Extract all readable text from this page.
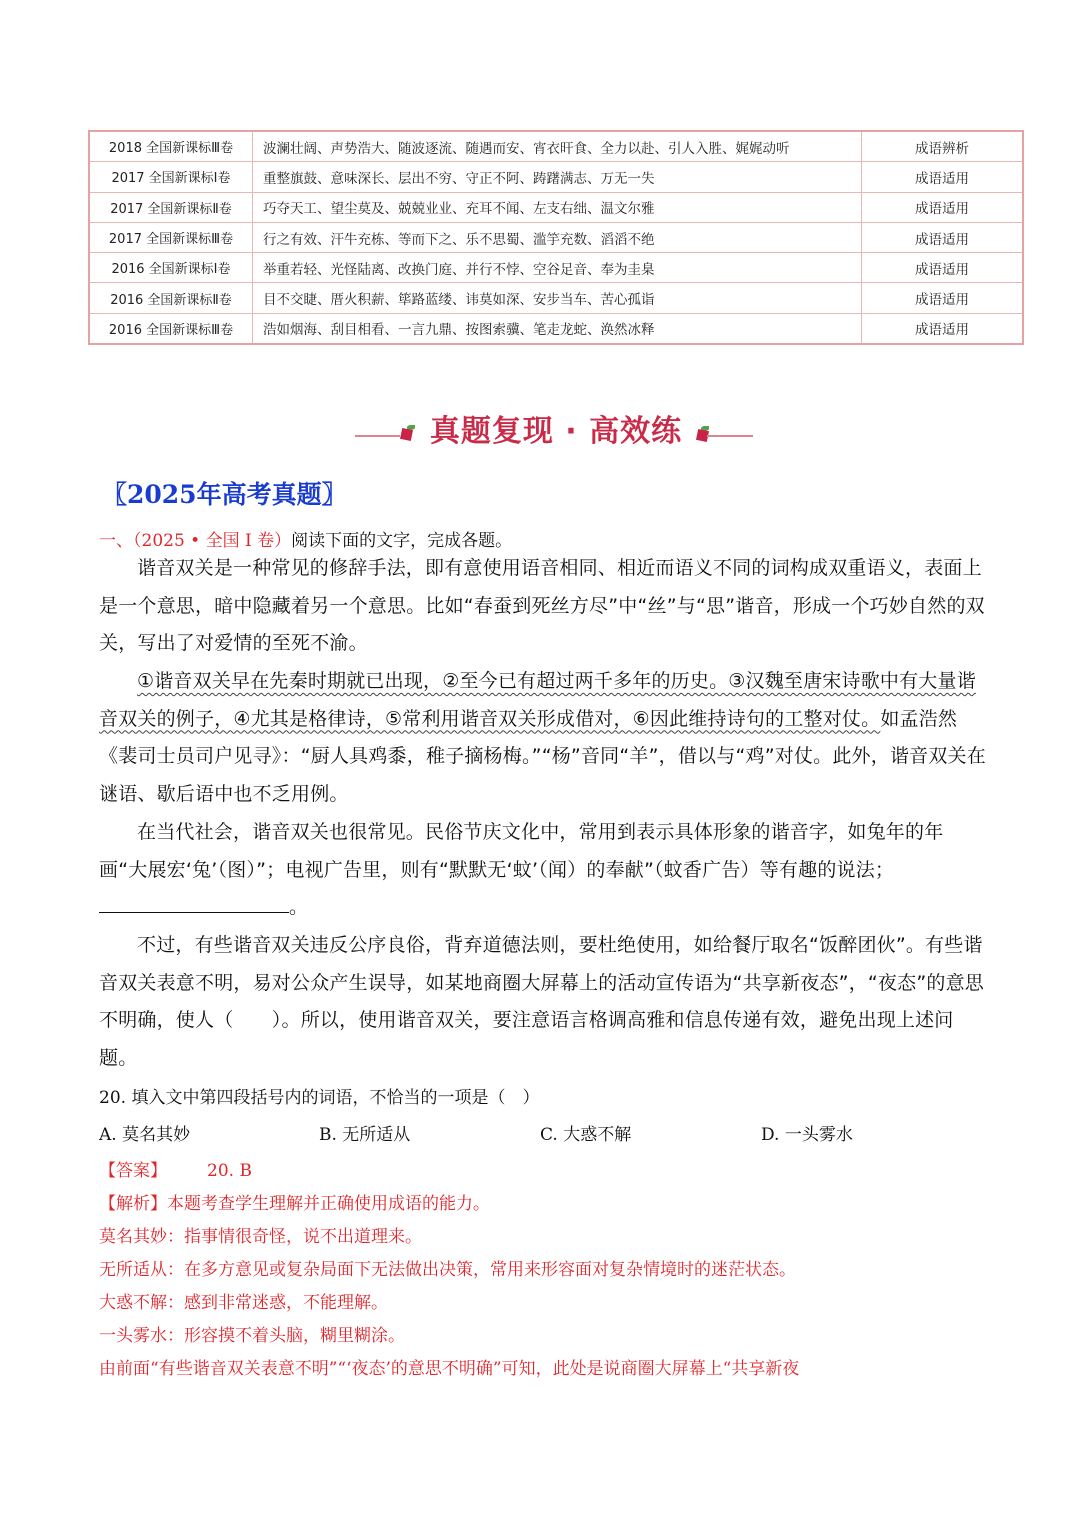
2018 全国新课标Ⅲ卷	波澜壮阔、声势浩大、随波逐流、随遇而安、宵衣旰食、全力以赴、引人入胜、娓娓动听	成语辨析
2017 全国新课标Ⅰ卷	重整旗鼓、意味深长、层出不穷、守正不阿、踌躇满志、万无一失	成语适用
2017 全国新课标Ⅱ卷	巧夺天工、望尘莫及、兢兢业业、充耳不闻、左支右绌、温文尔雅	成语适用
2017 全国新课标Ⅲ卷	行之有效、汗牛充栋、等而下之、乐不思蜀、滥竽充数、滔滔不绝	成语适用
2016 全国新课标Ⅰ卷	举重若轻、光怪陆离、改换门庭、并行不悖、空谷足音、奉为圭臬	成语适用
2016 全国新课标Ⅱ卷	目不交睫、厝火积薪、筚路蓝缕、讳莫如深、安步当车、苦心孤诣	成语适用
2016 全国新课标Ⅲ卷	浩如烟海、刮目相看、一言九鼎、按图索骥、笔走龙蛇、涣然冰释	成语适用
真题复现 · 高效练
〖2025年高考真题〗
一、（2025 • 全国 I 卷）阅读下面的文字，完成各题。
谐音双关是一种常见的修辞手法，即有意使用语音相同、相近而语义不同的词构成双重语义，表面上是一个意思，暗中隐藏着另一个意思。比如“春蚕到死丝方尽”中“丝”与“思”谐音，形成一个巧妙自然的双关，写出了对爱情的至死不渝。
①谐音双关早在先秦时期就已出现，②至今已有超过两千多年的历史。③汉魏至唐宋诗歌中有大量谐音双关的例子，④尤其是格律诗，⑤常利用谐音双关形成借对，⑥因此维持诗句的工整对仗。如孟浩然《裴司士员司户见寻》：“厨人具鸡黍，稚子摘杨梅。”“杨”音同“羊”，借以与“鸡”对仗。此外，谐音双关在谜语、歇后语中也不乏用例。
在当代社会，谐音双关也很常见。民俗节庆文化中，常用到表示具体形象的谐音字，如兔年的年画“大展宏‘兔’（图）”；电视广告里，则有“默默无‘蚊’（闻）的奉献”（蚊香广告）等有趣的说法；
。
不过，有些谐音双关违反公序良俗，背弃道德法则，要杜绝使用，如给餐厅取名“饭醉团伙”。有些谐音双关表意不明，易对公众产生误导，如某地商圈大屏幕上的活动宣传语为“共享新夜态”，“夜态”的意思不明确，使人（　　）。所以，使用谐音双关，要注意语言格调高雅和信息传递有效，避免出现上述问题。
20. 填入文中第四段括号内的词语，不恰当的一项是（　）
A. 莫名其妙	B. 无所适从	C. 大惑不解	D. 一头雾水
【答案】 20. B
【解析】本题考查学生理解并正确使用成语的能力。
莫名其妙：指事情很奇怪，说不出道理来。
无所适从：在多方意见或复杂局面下无法做出决策，常用来形容面对复杂情境时的迷茫状态。
大惑不解：感到非常迷惑，不能理解。
一头雾水：形容摸不着头脑，糊里糊涂。
由前面“有些谐音双关表意不明”“‘夜态’的意思不明确”可知，此处是说商圈大屏幕上“共享新夜
